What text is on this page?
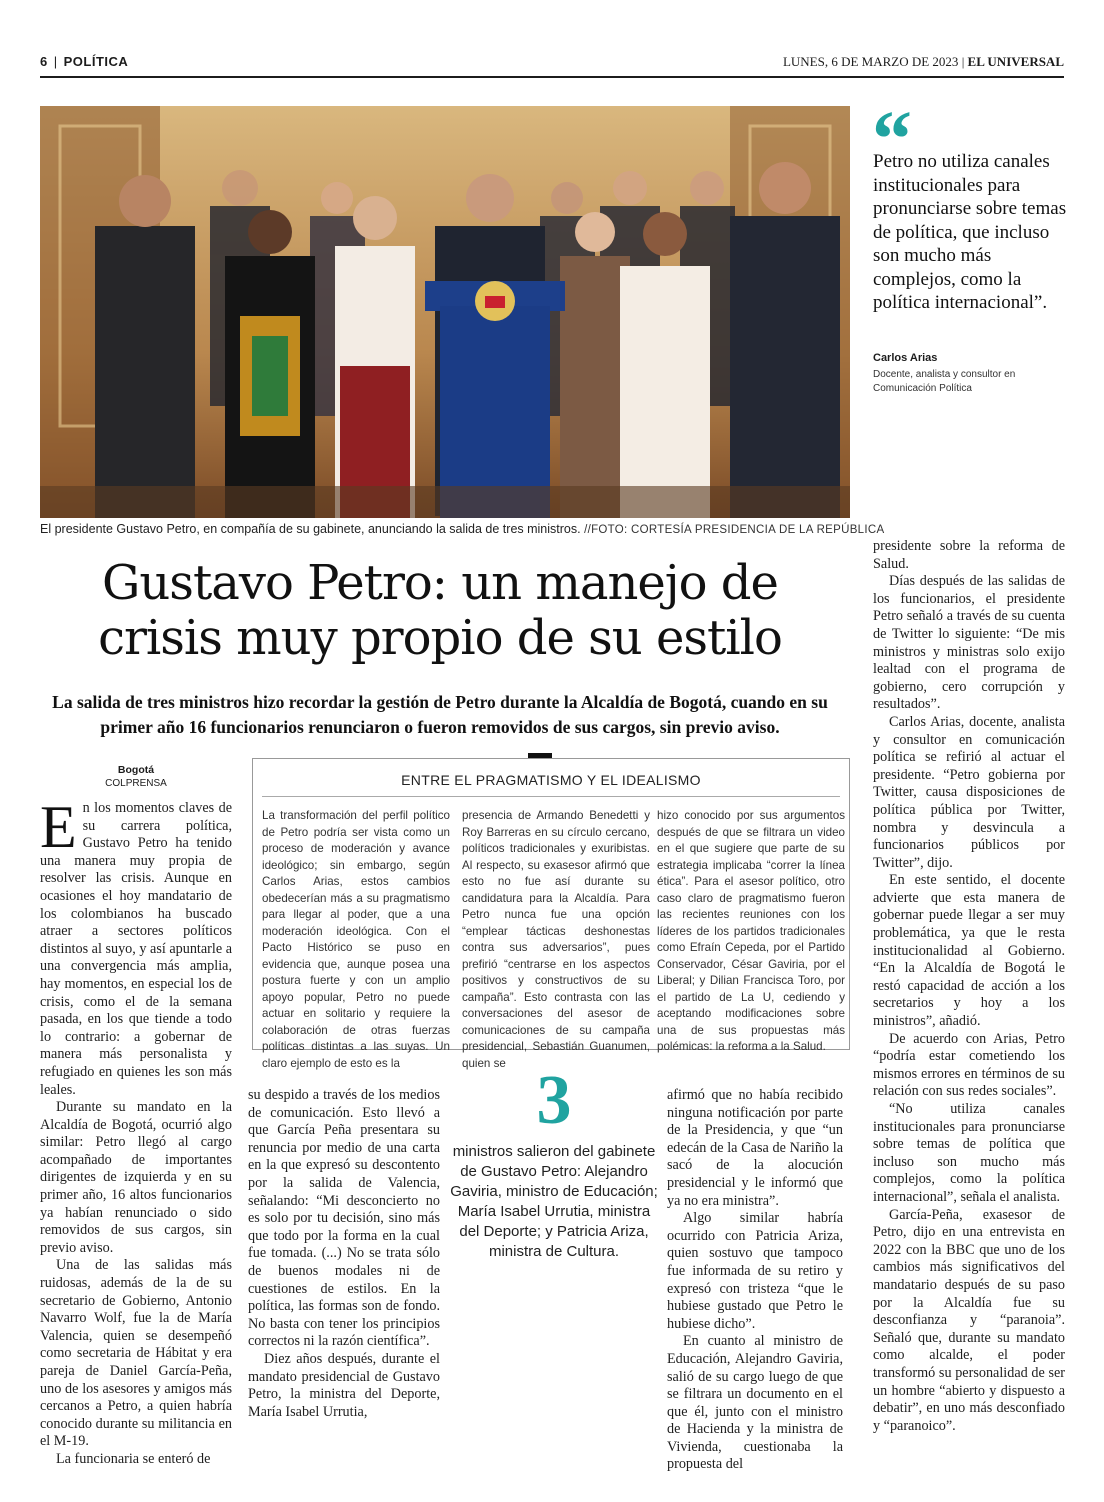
6 | POLÍTICA	LUNES, 6 DE MARZO DE 2023 | EL UNIVERSAL
El presidente Gustavo Petro, en compañía de su gabinete, anunciando la salida de tres ministros. //FOTO: CORTESÍA PRESIDENCIA DE LA REPÚBLICA
Gustavo Petro: un manejo de
crisis muy propio de su estilo
La salida de tres ministros hizo recordar la gestión de Petro durante la Alcaldía de Bogotá, cuando en su
primer año 16 funcionarios renunciaron o fueron removidos de sus cargos, sin previo aviso.
Bogotá
COLPRENSA

En los momentos claves de su carrera política, Gustavo Petro ha tenido una manera muy propia de resolver las crisis. Aunque en ocasiones el hoy mandatario de los colombianos ha buscado atraer a sectores políticos distintos al suyo, y así apuntarle a una convergencia más amplia, hay momentos, en especial los de crisis, como el de la semana pasada, en los que tiende a todo lo contrario: a gobernar de manera más personalista y refugiado en quienes les son más leales.

Durante su mandato en la Alcaldía de Bogotá, ocurrió algo similar: Petro llegó al cargo acompañado de importantes dirigentes de izquierda y en su primer año, 16 altos funcionarios ya habían renunciado o sido removidos de sus cargos, sin previo aviso.

Una de las salidas más ruidosas, además de la de su secretario de Gobierno, Antonio Navarro Wolf, fue la de María Valencia, quien se desempeñó como secretaria de Hábitat y era pareja de Daniel García-Peña, uno de los asesores y amigos más cercanos a Petro, a quien habría conocido durante su militancia en el M-19.

La funcionaria se enteró de

ENTRE EL PRAGMATISMO Y EL IDEALISMO
La transformación del perfil político de Petro podría ser vista como un proceso de moderación y avance ideológico; sin embargo, según Carlos Arias, estos cambios obedecerían más a su pragmatismo para llegar al poder, que a una moderación ideológica. Con el Pacto Histórico se puso en evidencia que, aunque posea una postura fuerte y con un amplio apoyo popular, Petro no puede actuar en solitario y requiere la colaboración de otras fuerzas políticas distintas a las suyas. Un claro ejemplo de esto es la
presencia de Armando Benedetti y Roy Barreras en su círculo cercano, políticos tradicionales y exuribistas. Al respecto, su exasesor afirmó que esto no fue así durante su candidatura para la Alcaldía. Para Petro nunca fue una opción “emplear tácticas deshonestas contra sus adversarios”, pues prefirió “centrarse en los aspectos positivos y constructivos de su campaña”. Esto contrasta con las conversaciones del asesor de comunicaciones de su campaña presidencial, Sebastián Guanumen, quien se
hizo conocido por sus argumentos después de que se filtrara un video en el que sugiere que parte de su estrategia implicaba “correr la línea ética”. Para el asesor político, otro caso claro de pragmatismo fueron las recientes reuniones con los líderes de los partidos tradicionales como Efraín Cepeda, por el Partido Conservador, César Gaviria, por el Liberal; y Dilian Francisca Toro, por el partido de La U, cediendo y aceptando modificaciones sobre una de sus propuestas más polémicas: la reforma a la Salud.

su despido a través de los medios de comunicación. Esto llevó a que García Peña presentara su renuncia por medio de una carta en la que expresó su descontento por la salida de Valencia, señalando: “Mi desconcierto no es solo por tu decisión, sino más que todo por la forma en la cual fue tomada. (...) No se trata sólo de buenos modales ni de cuestiones de estilos. En la política, las formas son de fondo. No basta con tener los principios correctos ni la razón científica”.

Diez años después, durante el mandato presidencial de Gustavo Petro, la ministra del Deporte, María Isabel Urrutia,

3
ministros salieron del gabinete de Gustavo Petro: Alejandro Gaviria, ministro de Educación; María Isabel Urrutia, ministra del Deporte; y Patricia Ariza, ministra de Cultura.

afirmó que no había recibido ninguna notificación por parte de la Presidencia, y que “un edecán de la Casa de Nariño la sacó de la alocución presidencial y le informó que ya no era ministra”.

Algo similar habría ocurrido con Patricia Ariza, quien sostuvo que tampoco fue informada de su retiro y expresó con tristeza “que le hubiese gustado que Petro le hubiese dicho”.

En cuanto al ministro de Educación, Alejandro Gaviria, salió de su cargo luego de que se filtrara un documento en el que él, junto con el ministro de Hacienda y la ministra de Vivienda, cuestionaba la propuesta del

“
Petro no utiliza canales institucionales para pronunciarse sobre temas de política, que incluso son mucho más complejos, como la política internacional”.
Carlos Arias
Docente, analista y consultor en Comunicación Política

presidente sobre la reforma de Salud.

Días después de las salidas de los funcionarios, el presidente Petro señaló a través de su cuenta de Twitter lo siguiente: “De mis ministros y ministras solo exijo lealtad con el programa de gobierno, cero corrupción y resultados”.

Carlos Arias, docente, analista y consultor en comunicación política se refirió al actuar el presidente. “Petro gobierna por Twitter, causa disposiciones de política pública por Twitter, nombra y desvincula a funcionarios públicos por Twitter”, dijo.

En este sentido, el docente advierte que esta manera de gobernar puede llegar a ser muy problemática, ya que le resta institucionalidad al Gobierno. “En la Alcaldía de Bogotá le restó capacidad de acción a los secretarios y hoy a los ministros”, añadió.

De acuerdo con Arias, Petro “podría estar cometiendo los mismos errores en términos de su relación con sus redes sociales”.

“No utiliza canales institucionales para pronunciarse sobre temas de política que incluso son mucho más complejos, como la política internacional”, señala el analista.

García-Peña, exasesor de Petro, dijo en una entrevista en 2022 con la BBC que uno de los cambios más significativos del mandatario después de su paso por la Alcaldía fue su desconfianza y “paranoia”. Señaló que, durante su mandato como alcalde, el poder transformó su personalidad de ser un hombre “abierto y dispuesto a debatir”, en uno más desconfiado y “paranoico”.
